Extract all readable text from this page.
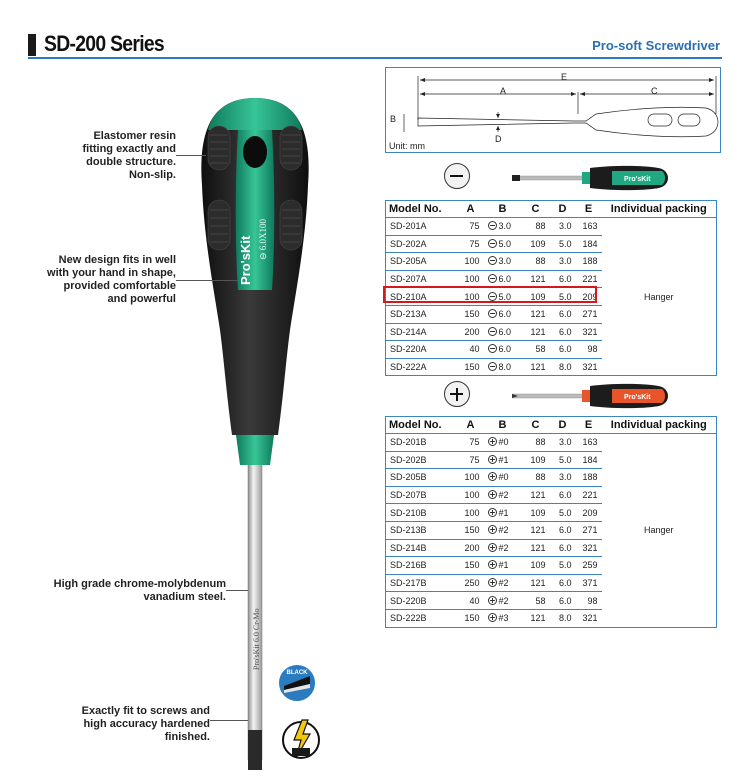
SD-200 Series	Pro-soft Screwdriver
Pro'sKit ⊖ 6.0X100
Pro'sKit 6.0 Cr-Mo
Elastomer resin
fitting exactly and
double structure.
Non-slip.
New design fits in well
with your hand in shape,
provided comfortable
and powerful
High grade chrome-molybdenum
vanadium steel.
Exactly fit to screws and
high accuracy hardened
finished.
BLACK
E
A	C
B
D
Unit: mm
Pro'sKit
Model No.	A	B	C	D	E	Individual packing
SD-201A	75	3.0	88	3.0	163	Hanger
SD-202A	75	5.0	109	5.0	184	
SD-205A	100	3.0	88	3.0	188	
SD-207A	100	6.0	121	6.0	221	
SD-210A	100	5.0	109	5.0	209	
SD-213A	150	6.0	121	6.0	271	
SD-214A	200	6.0	121	6.0	321	
SD-220A	40	6.0	58	6.0	98	
SD-222A	150	8.0	121	8.0	321	
Pro'sKit
Model No.	A	B	C	D	E	Individual packing
SD-201B	75	#0	88	3.0	163	Hanger
SD-202B	75	#1	109	5.0	184	
SD-205B	100	#0	88	3.0	188	
SD-207B	100	#2	121	6.0	221	
SD-210B	100	#1	109	5.0	209	
SD-213B	150	#2	121	6.0	271	
SD-214B	200	#2	121	6.0	321	
SD-216B	150	#1	109	5.0	259	
SD-217B	250	#2	121	6.0	371	
SD-220B	40	#2	58	6.0	98	
SD-222B	150	#3	121	8.0	321	
